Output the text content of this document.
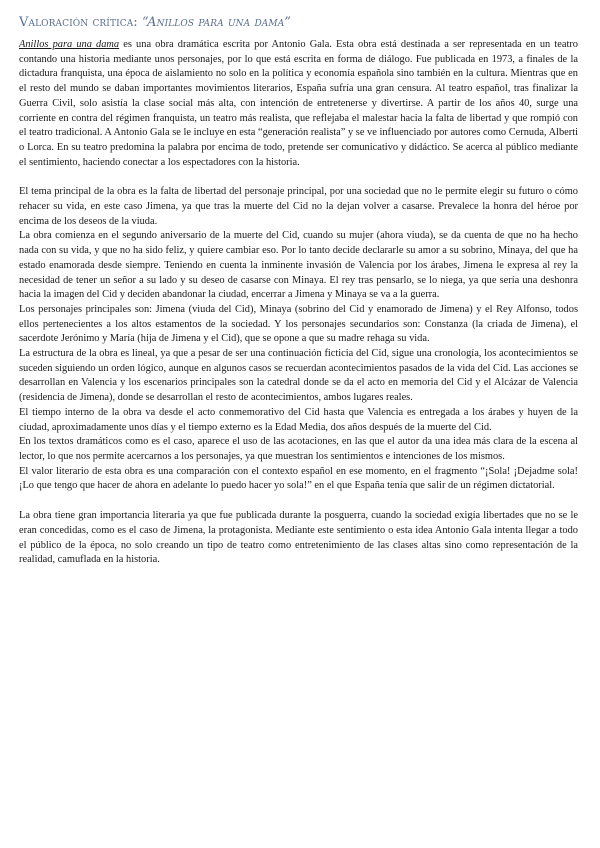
Valoración crítica: “Anillos para una dama”

Anillos para una dama es una obra dramática escrita por Antonio Gala. Esta obra está destinada a ser representada en un teatro contando una historia mediante unos personajes, por lo que está escrita en forma de diálogo. Fue publicada en 1973, a finales de la dictadura franquista, una época de aislamiento no solo en la política y economía española sino también en la cultura. Mientras que en el resto del mundo se daban importantes movimientos literarios, España sufría una gran censura. Al teatro español, tras finalizar la Guerra Civil, solo asistía la clase social más alta, con intención de entretenerse y divertirse. A partir de los años 40, surge una corriente en contra del régimen franquista, un teatro más realista, que reflejaba el malestar hacia la falta de libertad y que rompió con el teatro tradicional. A Antonio Gala se le incluye en esta “generación realista” y se ve influenciado por autores como Cernuda, Alberti o Lorca. En su teatro predomina la palabra por encima de todo, pretende ser comunicativo y didáctico. Se acerca al público mediante el sentimiento, haciendo conectar a los espectadores con la historia.

El tema principal de la obra es la falta de libertad del personaje principal, por una sociedad que no le permite elegir su futuro o cómo rehacer su vida, en este caso Jimena, ya que tras la muerte del Cid no la dejan volver a casarse. Prevalece la honra del héroe por encima de los deseos de la viuda.

La obra comienza en el segundo aniversario de la muerte del Cid, cuando su mujer (ahora viuda), se da cuenta de que no ha hecho nada con su vida, y que no ha sido feliz, y quiere cambiar eso. Por lo tanto decide declararle su amor a su sobrino, Minaya, del que ha estado enamorada desde siempre. Teniendo en cuenta la inminente invasión de Valencia por los árabes, Jimena le expresa al rey la necesidad de tener un señor a su lado y su deseo de casarse con Minaya. El rey tras pensarlo, se lo niega, ya que sería una deshonra hacia la imagen del Cid y deciden abandonar la ciudad, encerrar a Jimena y Minaya se va a la guerra.

Los personajes principales son: Jimena (viuda del Cid), Minaya (sobrino del Cid y enamorado de Jimena) y el Rey Alfonso, todos ellos pertenecientes a los altos estamentos de la sociedad. Y los personajes secundarios son: Constanza (la criada de Jimena), el sacerdote Jerónimo y María (hija de Jimena y el Cid), que se opone a que su madre rehaga su vida.

La estructura de la obra es lineal, ya que a pesar de ser una continuación ficticia del Cid, sigue una cronología, los acontecimientos se suceden siguiendo un orden lógico, aunque en algunos casos se recuerdan acontecimientos pasados de la vida del Cid. Las acciones se desarrollan en Valencia y los escenarios principales son la catedral donde se da el acto en memoria del Cid y el Alcázar de Valencia (residencia de Jimena), donde se desarrollan el resto de acontecimientos, ambos lugares reales.

El tiempo interno de la obra va desde el acto conmemorativo del Cid hasta que Valencia es entregada a los árabes y huyen de la ciudad, aproximadamente unos días y el tiempo externo es la Edad Media, dos años después de la muerte del Cid.

En los textos dramáticos como es el caso, aparece el uso de las acotaciones, en las que el autor da una idea más clara de la escena al lector, lo que nos permite acercarnos a los personajes, ya que muestran los sentimientos e intenciones de los mismos.

El valor literario de esta obra es una comparación con el contexto español en ese momento, en el fragmento “¡Sola! ¡Dejadme sola! ¡Lo que tengo que hacer de ahora en adelante lo puedo hacer yo sola!” en el que España tenía que salir de un régimen dictatorial.

La obra tiene gran importancia literaria ya que fue publicada durante la posguerra, cuando la sociedad exigía libertades que no se le eran concedidas, como es el caso de Jimena, la protagonista. Mediante este sentimiento o esta idea Antonio Gala intenta llegar a todo el público de la época, no solo creando un tipo de teatro como entretenimiento de las clases altas sino como representación de la realidad, camuflada en la historia.
